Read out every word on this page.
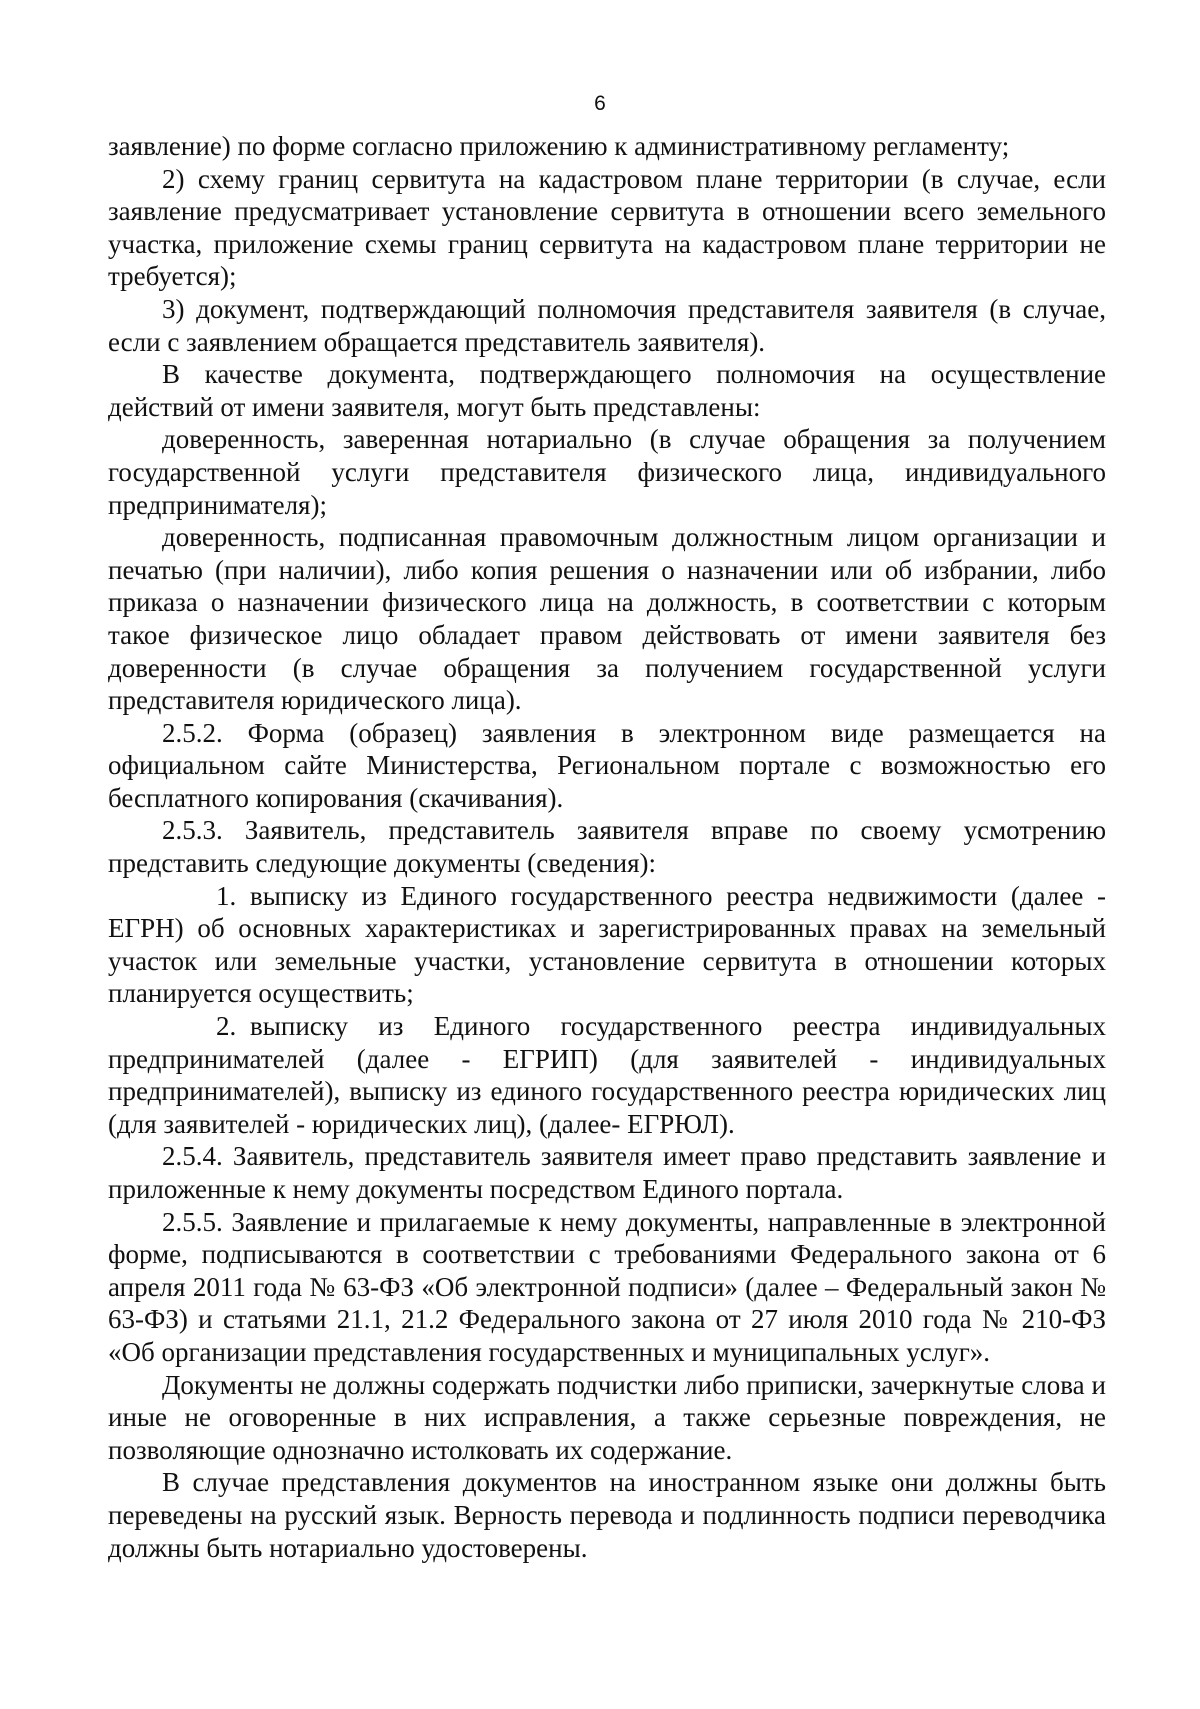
6

заявление) по форме согласно приложению к административному регламенту;

2) схему границ сервитута на кадастровом плане территории (в случае, если заявление предусматривает установление сервитута в отношении всего земельного участка, приложение схемы границ сервитута на кадастровом плане территории не требуется);

3) документ, подтверждающий полномочия представителя заявителя (в случае, если с заявлением обращается представитель заявителя).

В качестве документа, подтверждающего полномочия на осуществление действий от имени заявителя, могут быть представлены:

доверенность, заверенная нотариально (в случае обращения за получением государственной услуги представителя физического лица, индивидуального предпринимателя);

доверенность, подписанная правомочным должностным лицом организации и печатью (при наличии), либо копия решения о назначении или об избрании, либо приказа о назначении физического лица на должность, в соответствии с которым такое физическое лицо обладает правом действовать от имени заявителя без доверенности (в случае обращения за получением государственной услуги представителя юридического лица).

2.5.2. Форма (образец) заявления в электронном виде размещается на официальном сайте Министерства, Региональном портале с возможностью его бесплатного копирования (скачивания).

2.5.3. Заявитель, представитель заявителя вправе по своему усмотрению представить следующие документы (сведения):

1. выписку из Единого государственного реестра недвижимости (далее - ЕГРН) об основных характеристиках и зарегистрированных правах на земельный участок или земельные участки, установление сервитута в отношении которых планируется осуществить;

2. выписку из Единого государственного реестра индивидуальных предпринимателей (далее - ЕГРИП) (для заявителей - индивидуальных предпринимателей), выписку из единого государственного реестра юридических лиц (для заявителей - юридических лиц), (далее- ЕГРЮЛ).

2.5.4. Заявитель, представитель заявителя имеет право представить заявление и приложенные к нему документы посредством Единого портала.

2.5.5. Заявление и прилагаемые к нему документы, направленные в электронной форме, подписываются в соответствии с требованиями Федерального закона от 6 апреля 2011 года № 63-ФЗ «Об электронной подписи» (далее – Федеральный закон № 63-ФЗ) и статьями 21.1, 21.2 Федерального закона от 27 июля 2010 года № 210-ФЗ «Об организации представления государственных и муниципальных услуг».

Документы не должны содержать подчистки либо приписки, зачеркнутые слова и иные не оговоренные в них исправления, а также серьезные повреждения, не позволяющие однозначно истолковать их содержание.

В случае представления документов на иностранном языке они должны быть переведены на русский язык. Верность перевода и подлинность подписи переводчика должны быть нотариально удостоверены.
